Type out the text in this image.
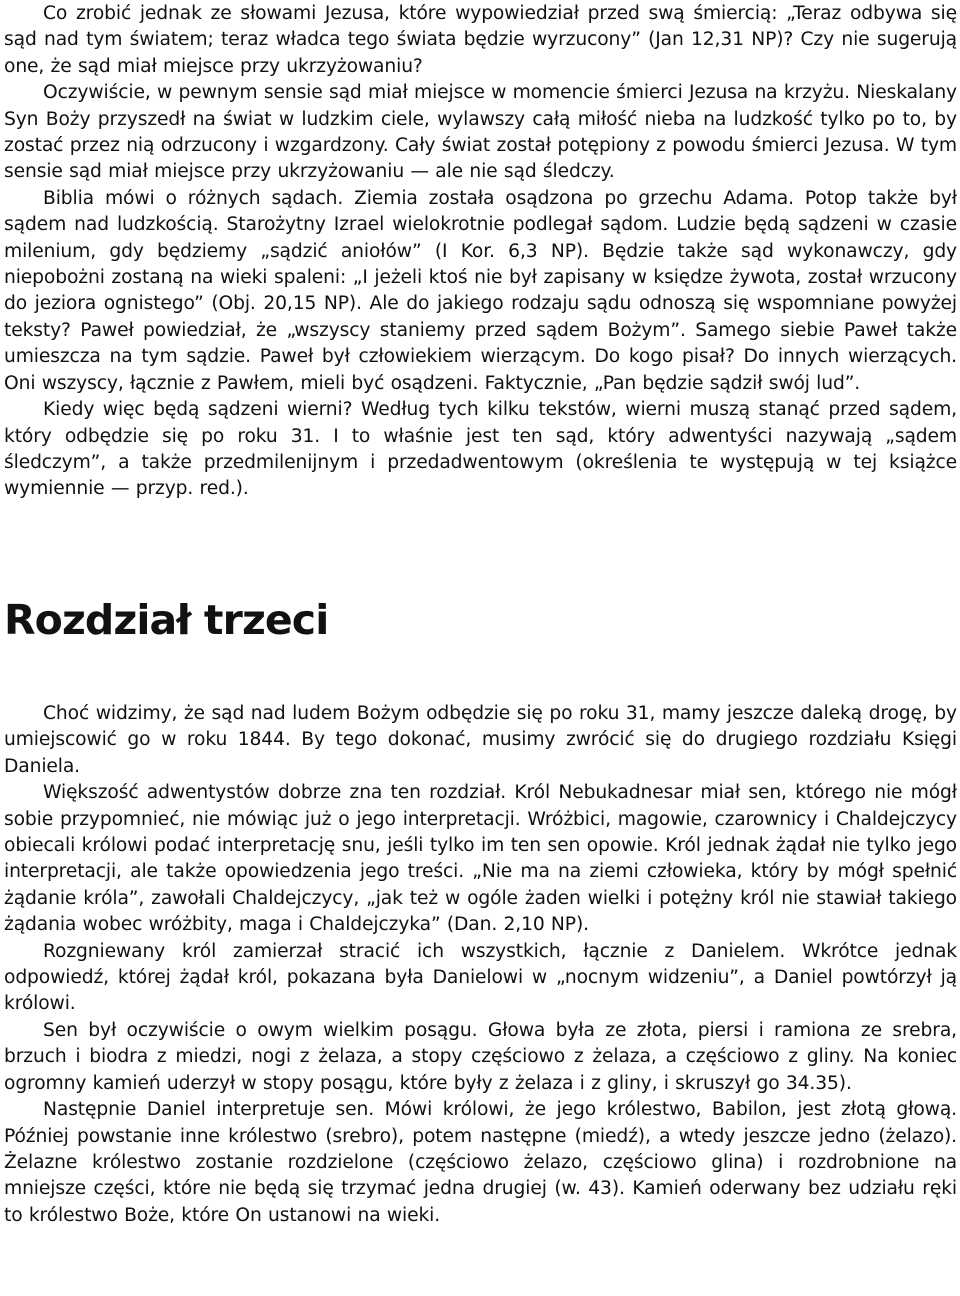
Co zrobić jednak ze słowami Jezusa, które wypowiedział przed swą śmiercią: „Teraz odbywa się sąd nad tym światem; teraz władca tego świata będzie wyrzucony” (Jan 12,31 NP)? Czy nie sugerują one, że sąd miał miejsce przy ukrzyżowaniu?

Oczywiście, w pewnym sensie sąd miał miejsce w momencie śmierci Jezusa na krzyżu. Nieskalany Syn Boży przyszedł na świat w ludzkim ciele, wylawszy całą miłość nieba na ludzkość tylko po to, by zostać przez nią odrzucony i wzgardzony. Cały świat został potępiony z powodu śmierci Jezusa. W tym sensie sąd miał miejsce przy ukrzyżowaniu — ale nie sąd śledczy.

Biblia mówi o różnych sądach. Ziemia została osądzona po grzechu Adama. Potop także był sądem nad ludzkością. Starożytny Izrael wielokrotnie podlegał sądom. Ludzie będą sądzeni w czasie milenium, gdy będziemy „sądzić aniołów” (I Kor. 6,3 NP). Będzie także sąd wykonawczy, gdy niepobożni zostaną na wieki spaleni: „I jeżeli ktoś nie był zapisany w księdze żywota, został wrzucony do jeziora ognistego” (Obj. 20,15 NP). Ale do jakiego rodzaju sądu odnoszą się wspomniane powyżej teksty? Paweł powiedział, że „wszyscy staniemy przed sądem Bożym”. Samego siebie Paweł także umieszcza na tym sądzie. Paweł był człowiekiem wierzącym. Do kogo pisał? Do innych wierzących. Oni wszyscy, łącznie z Pawłem, mieli być osądzeni. Faktycznie, „Pan będzie sądził swój lud”.

Kiedy więc będą sądzeni wierni? Według tych kilku tekstów, wierni muszą stanąć przed sądem, który odbędzie się po roku 31. I to właśnie jest ten sąd, który adwentyści nazywają „sądem śledczym”, a także przedmilenijnym i przedadwentowym (określenia te występują w tej książce wymiennie — przyp. red.).

Rozdział trzeci

Choć widzimy, że sąd nad ludem Bożym odbędzie się po roku 31, mamy jeszcze daleką drogę, by umiejscowić go w roku 1844. By tego dokonać, musimy zwrócić się do drugiego rozdziału Księgi Daniela.

Większość adwentystów dobrze zna ten rozdział. Król Nebukadnesar miał sen, którego nie mógł sobie przypomnieć, nie mówiąc już o jego interpretacji. Wróżbici, magowie, czarownicy i Chaldejczycy obiecali królowi podać interpretację snu, jeśli tylko im ten sen opowie. Król jednak żądał nie tylko jego interpretacji, ale także opowiedzenia jego treści. „Nie ma na ziemi człowieka, który by mógł spełnić żądanie króla”, zawołali Chaldejczycy, „jak też w ogóle żaden wielki i potężny król nie stawiał takiego żądania wobec wróżbity, maga i Chaldejczyka” (Dan. 2,10 NP).

Rozgniewany król zamierzał stracić ich wszystkich, łącznie z Danielem. Wkrótce jednak odpowiedź, której żądał król, pokazana była Danielowi w „nocnym widzeniu”, a Daniel powtórzył ją królowi.

Sen był oczywiście o owym wielkim posągu. Głowa była ze złota, piersi i ramiona ze srebra, brzuch i biodra z miedzi, nogi z żelaza, a stopy częściowo z żelaza, a częściowo z gliny. Na koniec ogromny kamień uderzył w stopy posągu, które były z żelaza i z gliny, i skruszył go 34.35).

Następnie Daniel interpretuje sen. Mówi królowi, że jego królestwo, Babilon, jest złotą głową. Później powstanie inne królestwo (srebro), potem następne (miedź), a wtedy jeszcze jedno (żelazo). Żelazne królestwo zostanie rozdzielone (częściowo żelazo, częściowo glina) i rozdrobnione na mniejsze części, które nie będą się trzymać jedna drugiej (w. 43). Kamień oderwany bez udziału ręki to królestwo Boże, które On ustanowi na wieki.
